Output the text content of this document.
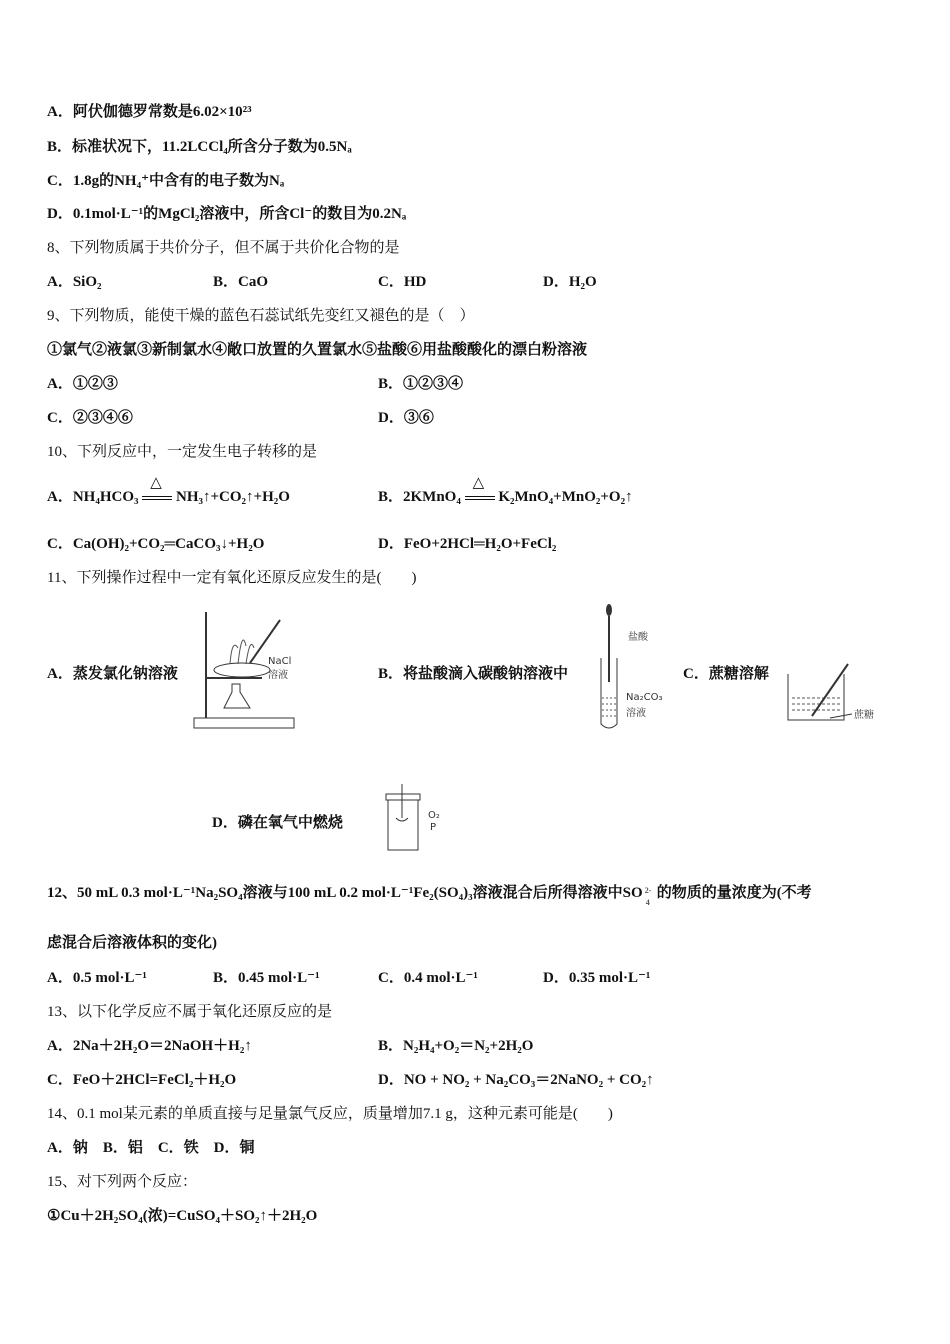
A．阿伏伽德罗常数是6.02×10²³
B．标准状况下，11.2LCCl₄所含分子数为0.5Nₐ
C．1.8g的NH₄⁺中含有的电子数为Nₐ
D．0.1mol·L⁻¹的MgCl₂溶液中，所含Cl⁻的数目为0.2Nₐ
8、下列物质属于共价分子，但不属于共价化合物的是
A．SiO₂	B．CaO	C．HD	D．H₂O
9、下列物质，能使干燥的蓝色石蕊试纸先变红又褪色的是（　）
①氯气②液氯③新制氯水④敞口放置的久置氯水⑤盐酸⑥用盐酸酸化的漂白粉溶液
A．①②③	B．①②③④
C．②③④⑥	D．③⑥
10、下列反应中，一定发生电子转移的是
A．NH₄HCO₃
△
NH₃↑+CO₂↑+H₂O	B．2KMnO₄
△
K₂MnO₄+MnO₂+O₂↑
C．Ca(OH)₂+CO₂═CaCO₃↓+H₂O	D．FeO+2HCl═H₂O+FeCl₂
11、下列操作过程中一定有氧化还原反应发生的是(　　)
A．蒸发氯化钠溶液
NaCl
溶液	B．将盐酸滴入碳酸钠溶液中
盐酸
Na₂CO₃
溶液
C．蔗糖溶解
蔗糖
D．磷在氧气中燃烧	O₂
P
12、50 mL 0.3 mol·L⁻¹Na₂SO₄溶液与100 mL 0.2 mol·L⁻¹Fe₂(SO₄)₃溶液混合后所得溶液中SO 2-
4
的物质的量浓度为(不考
虑混合后溶液体积的变化)
A．0.5 mol·L⁻¹	B．0.45 mol·L⁻¹	C．0.4 mol·L⁻¹	D．0.35 mol·L⁻¹
13、以下化学反应不属于氧化还原反应的是
A．2Na＋2H₂O＝2NaOH＋H₂↑	B．N₂H₄+O₂＝N₂+2H₂O
C．FeO＋2HCl=FeCl₂＋H₂O	D．NO + NO₂ + Na₂CO₃＝2NaNO₂ + CO₂↑
14、0.1 mol某元素的单质直接与足量氯气反应，质量增加7.1 g，这种元素可能是(　　)
A．钠　B．铝　C．铁　D．铜
15、对下列两个反应：
①Cu＋2H₂SO₄(浓)=CuSO₄＋SO₂↑＋2H₂O
